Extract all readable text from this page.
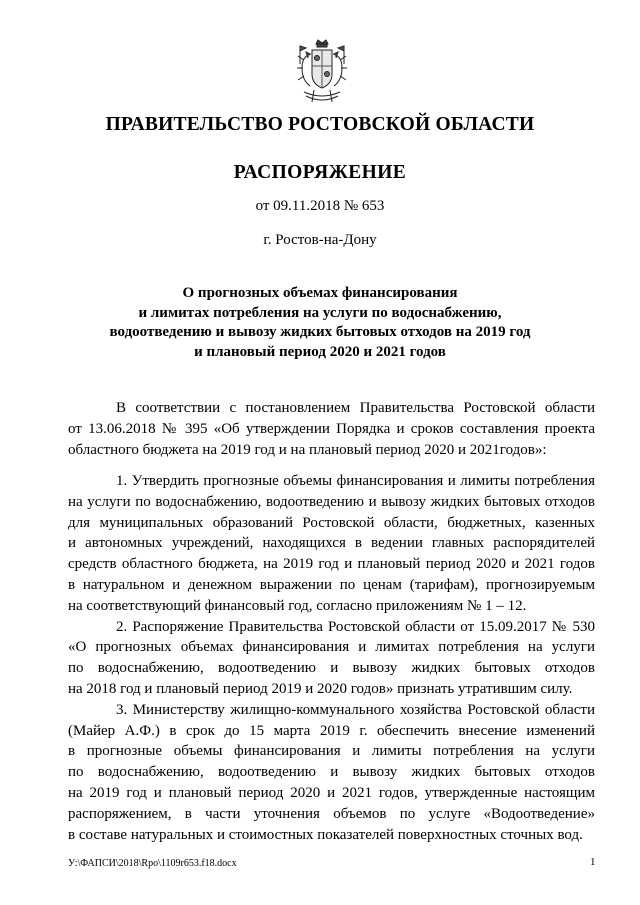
ПРАВИТЕЛЬСТВО РОСТОВСКОЙ ОБЛАСТИ
РАСПОРЯЖЕНИЕ
от 09.11.2018 № 653
г. Ростов-на-Дону
О прогнозных объемах финансирования
и лимитах потребления на услуги по водоснабжению,
водоотведению и вывозу жидких бытовых отходов на 2019 год
и плановый период 2020 и 2021 годов
В соответствии с постановлением Правительства Ростовской области
от 13.06.2018 № 395 «Об утверждении Порядка и сроков составления проекта
областного бюджета на 2019 год и на плановый период 2020 и 2021годов»:
1. Утвердить прогнозные объемы финансирования и лимиты потребления
на услуги по водоснабжению, водоотведению и вывозу жидких бытовых отходов
для муниципальных образований Ростовской области, бюджетных, казенных
и автономных учреждений, находящихся в ведении главных распорядителей
средств областного бюджета, на 2019 год и плановый период 2020 и 2021 годов
в натуральном и денежном выражении по ценам (тарифам), прогнозируемым
на соответствующий финансовый год, согласно приложениям № 1 – 12.
2. Распоряжение Правительства Ростовской области от 15.09.2017 № 530
«О прогнозных объемах финансирования и лимитах потребления на услуги
по водоснабжению, водоотведению и вывозу жидких бытовых отходов
на 2018 год и плановый период 2019 и 2020 годов» признать утратившим силу.
3. Министерству жилищно-коммунального хозяйства Ростовской области
(Майер А.Ф.) в срок до 15 марта 2019 г. обеспечить внесение изменений
в прогнозные объемы финансирования и лимиты потребления на услуги
по водоснабжению, водоотведению и вывозу жидких бытовых отходов
на 2019 год и плановый период 2020 и 2021 годов, утвержденные настоящим
распоряжением, в части уточнения объемов по услуге «Водоотведение»
в составе натуральных и стоимостных показателей поверхностных сточных вод.
У:\ФАПСИ\2018\Rpo\1109r653.f18.docx	1
